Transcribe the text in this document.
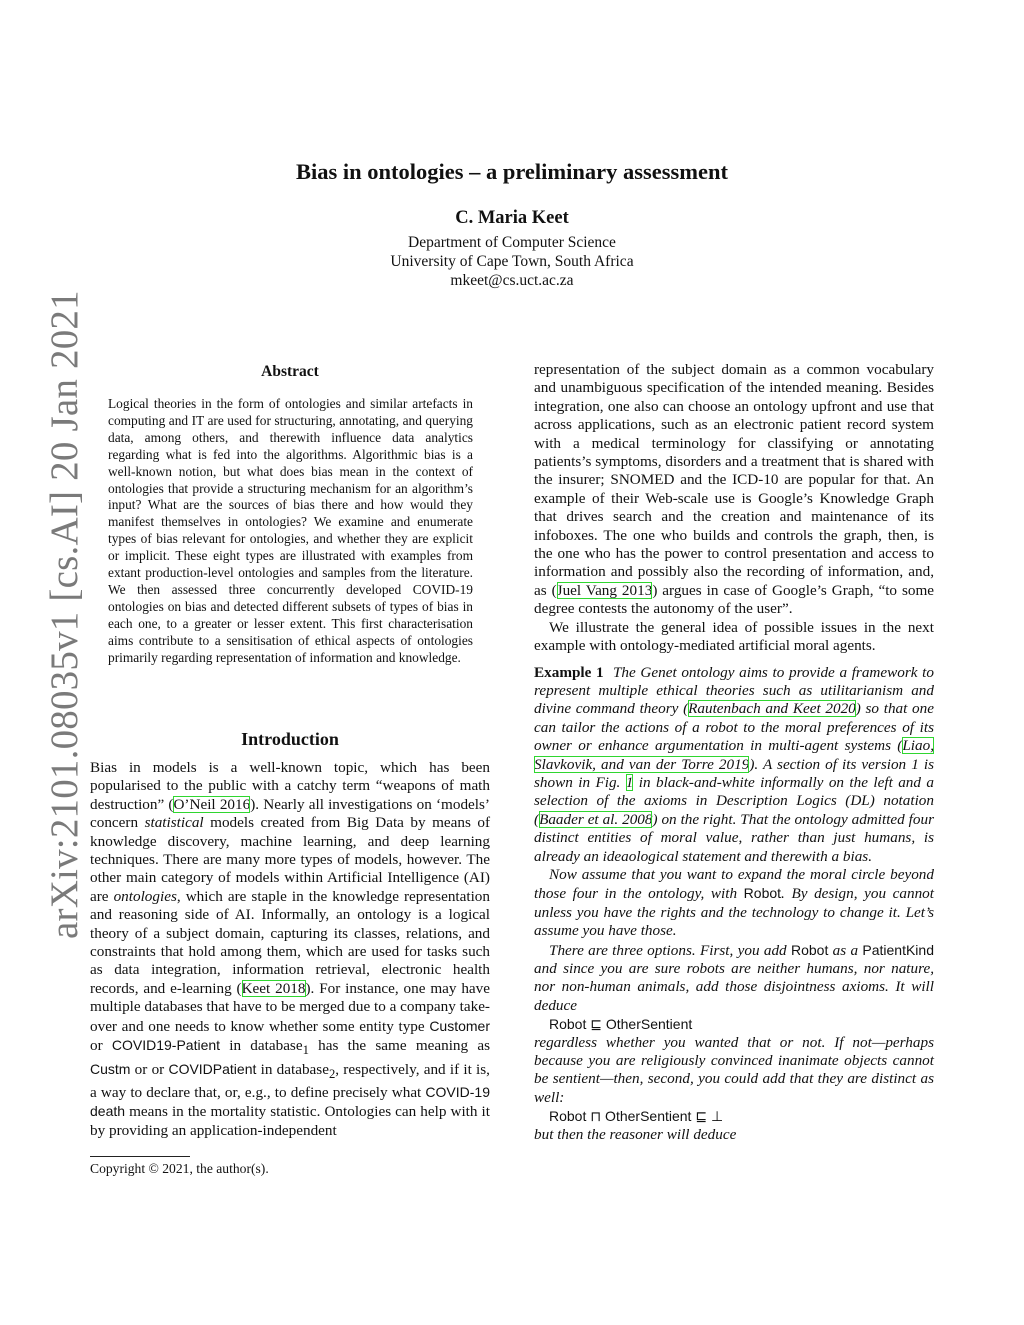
arXiv:2101.08035v1 [cs.AI] 20 Jan 2021
Bias in ontologies – a preliminary assessment
C. Maria Keet
Department of Computer Science
University of Cape Town, South Africa
mkeet@cs.uct.ac.za
Abstract
Logical theories in the form of ontologies and similar artefacts in computing and IT are used for structuring, annotating, and querying data, among others, and therewith influence data analytics regarding what is fed into the algorithms. Algorithmic bias is a well-known notion, but what does bias mean in the context of ontologies that provide a structuring mechanism for an algorithm’s input? What are the sources of bias there and how would they manifest themselves in ontologies? We examine and enumerate types of bias relevant for ontologies, and whether they are explicit or implicit. These eight types are illustrated with examples from extant production-level ontologies and samples from the literature. We then assessed three concurrently developed COVID-19 ontologies on bias and detected different subsets of types of bias in each one, to a greater or lesser extent. This first characterisation aims contribute to a sensitisation of ethical aspects of ontologies primarily regarding representation of information and knowledge.
Introduction

Bias in models is a well-known topic, which has been popularised to the public with a catchy term “weapons of math destruction” (O’Neil 2016). Nearly all investigations on ‘models’ concern statistical models created from Big Data by means of knowledge discovery, machine learning, and deep learning techniques. There are many more types of models, however. The other main category of models within Artificial Intelligence (AI) are ontologies, which are staple in the knowledge representation and reasoning side of AI. Informally, an ontology is a logical theory of a subject domain, capturing its classes, relations, and constraints that hold among them, which are used for tasks such as data integration, information retrieval, electronic health records, and e-learning (Keet 2018). For instance, one may have multiple databases that have to be merged due to a company take-over and one needs to know whether some entity type Customer or COVID19-Patient in database$_1$ has the same meaning as Custm or or COVIDPatient in database$_2$, respectively, and if it is, a way to declare that, or, e.g., to define precisely what COVID-19 death means in the mortality statistic. Ontologies can help with it by providing an application-independent

representation of the subject domain as a common vocabulary and unambiguous specification of the intended meaning. Besides integration, one also can choose an ontology upfront and use that across applications, such as an electronic patient record system with a medical terminology for classifying or annotating patients’s symptoms, disorders and a treatment that is shared with the insurer; SNOMED and the ICD-10 are popular for that. An example of their Web-scale use is Google’s Knowledge Graph that drives search and the creation and maintenance of its infoboxes. The one who builds and controls the graph, then, is the one who has the power to control presentation and access to information and possibly also the recording of information, and, as (Juel Vang 2013) argues in case of Google’s Graph, “to some degree contests the autonomy of the user”.

We illustrate the general idea of possible issues in the next example with ontology-mediated artificial moral agents.

Example 1 The Genet ontology aims to provide a framework to represent multiple ethical theories such as utilitarianism and divine command theory (Rautenbach and Keet 2020) so that one can tailor the actions of a robot to the moral preferences of its owner or enhance argumentation in multi-agent systems (Liao, Slavkovik, and van der Torre 2019). A section of its version 1 is shown in Fig. 1 in black-and-white informally on the left and a selection of the axioms in Description Logics (DL) notation (Baader et al. 2008) on the right. That the ontology admitted four distinct entities of moral value, rather than just humans, is already an ideaological statement and therewith a bias.

Now assume that you want to expand the moral circle beyond those four in the ontology, with Robot. By design, you cannot unless you have the rights and the technology to change it. Let’s assume you have those.

There are three options. First, you add Robot as a PatientKind and since you are sure robots are neither humans, nor nature, nor non-human animals, add those disjointness axioms. It will deduce

Robot ⊑ OtherSentient

regardless whether you wanted that or not. If not—perhaps because you are religiously convinced inanimate objects cannot be sentient—then, second, you could add that they are distinct as well:

Robot ⊓ OtherSentient ⊑ ⊥

but then the reasoner will deduce

Copyright © 2021, the author(s).
